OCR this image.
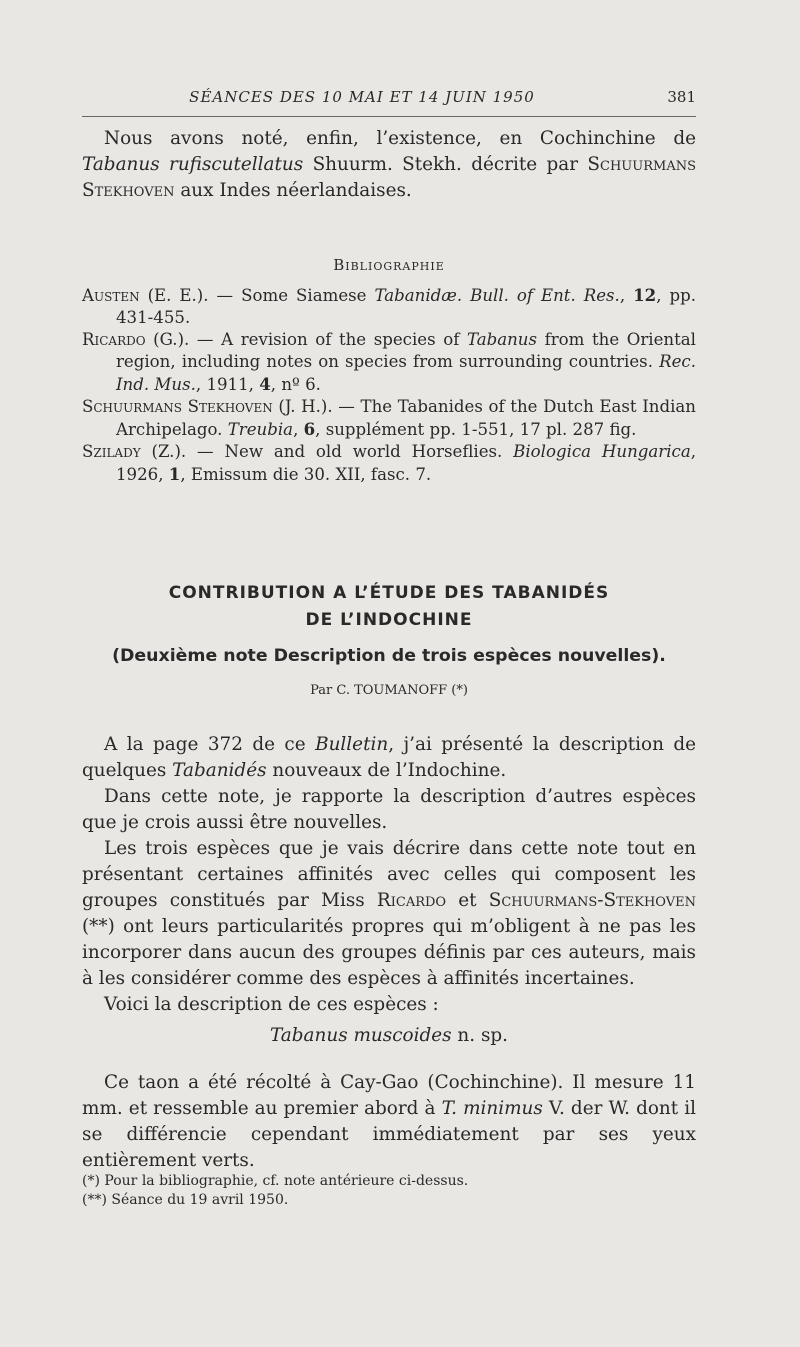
SÉANCES DES 10 MAI ET 14 JUIN 1950	381

Nous avons noté, enfin, l’existence, en Cochinchine de Tabanus rufiscutellatus Shuurm. Stekh. décrite par Schuurmans Stekhoven aux Indes néerlandaises.

Bibliographie

Austen (E. E.). — Some Siamese Tabanidæ. Bull. of Ent. Res., 12, pp. 431-455.

Ricardo (G.). — A revision of the species of Tabanus from the Oriental region, including notes on species from surrounding countries. Rec. Ind. Mus., 1911, 4, nº 6.

Schuurmans Stekhoven (J. H.). — The Tabanides of the Dutch East Indian Archipelago. Treubia, 6, supplément pp. 1-551, 17 pl. 287 fig.

Szilady (Z.). — New and old world Horseflies. Biologica Hungarica, 1926, 1, Emissum die 30. XII, fasc. 7.

CONTRIBUTION A L’ÉTUDE DES TABANIDÉS
DE L’INDOCHINE
(Deuxième note Description de trois espèces nouvelles).
Par C. TOUMANOFF (*)

A la page 372 de ce Bulletin, j’ai présenté la description de quelques Tabanidés nouveaux de l’Indochine.

Dans cette note, je rapporte la description d’autres espèces que je crois aussi être nouvelles.

Les trois espèces que je vais décrire dans cette note tout en présentant certaines affinités avec celles qui composent les groupes constitués par Miss Ricardo et Schuurmans-Stekhoven (**) ont leurs particularités propres qui m’obligent à ne pas les incorporer dans aucun des groupes définis par ces auteurs, mais à les considérer comme des espèces à affinités incertaines.

Voici la description de ces espèces :

Tabanus muscoides n. sp.

Ce taon a été récolté à Cay-Gao (Cochinchine). Il mesure 11 mm. et ressemble au premier abord à T. minimus V. der W. dont il se différencie cependant immédiatement par ses yeux entièrement verts.

(*) Pour la bibliographie, cf. note antérieure ci-dessus.

(**) Séance du 19 avril 1950.
